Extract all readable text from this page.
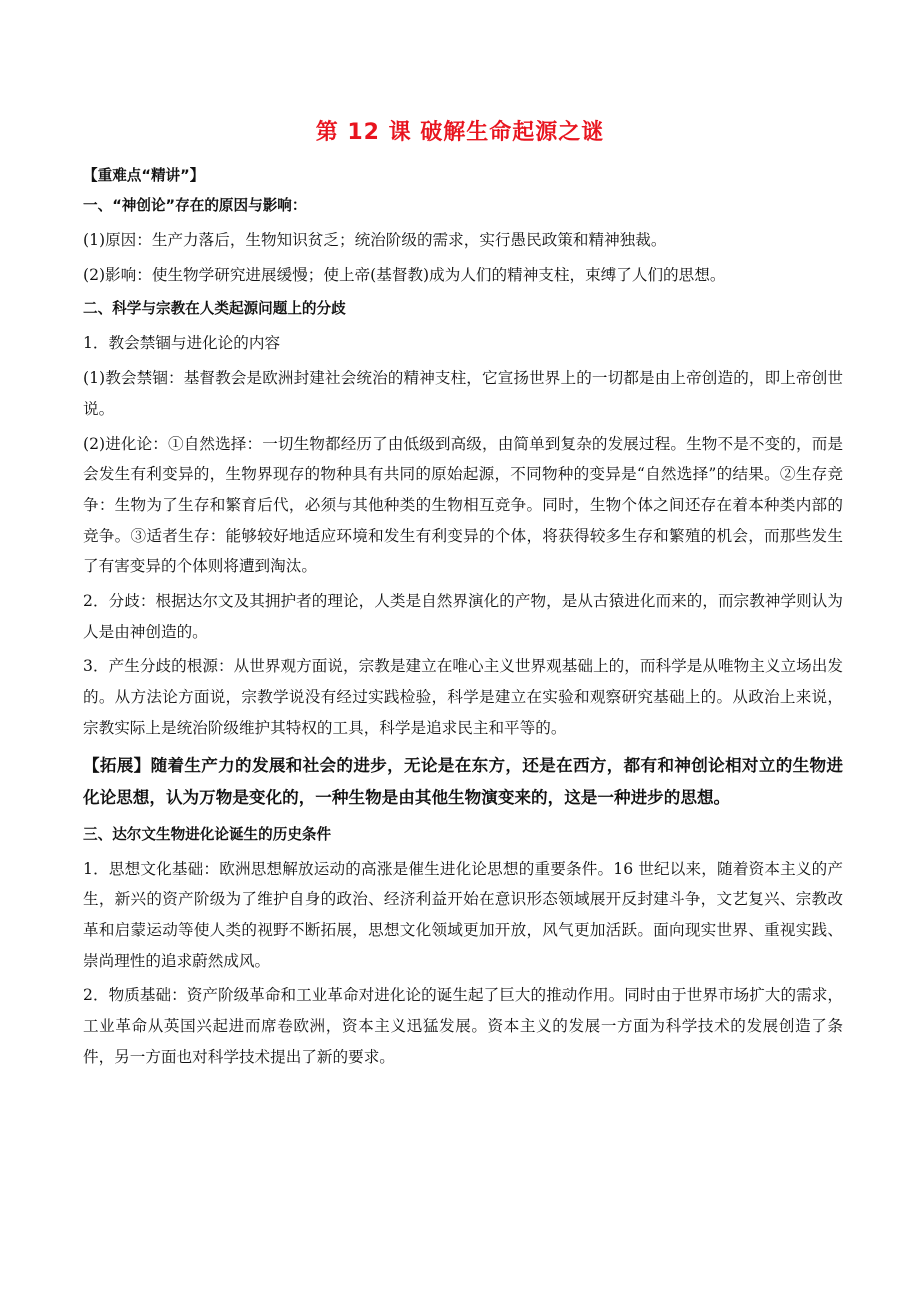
第 12 课 破解生命起源之谜

【重难点“精讲”】

一、“神创论”存在的原因与影响：

(1)原因：生产力落后，生物知识贫乏；统治阶级的需求，实行愚民政策和精神独裁。

(2)影响：使生物学研究进展缓慢；使上帝(基督教)成为人们的精神支柱，束缚了人们的思想。

二、科学与宗教在人类起源问题上的分歧

1．教会禁锢与进化论的内容

(1)教会禁锢：基督教会是欧洲封建社会统治的精神支柱，它宣扬世界上的一切都是由上帝创造的，即上帝创世说。

(2)进化论：①自然选择：一切生物都经历了由低级到高级，由简单到复杂的发展过程。生物不是不变的，而是会发生有利变异的，生物界现存的物种具有共同的原始起源，不同物种的变异是“自然选择”的结果。②生存竞争：生物为了生存和繁育后代，必须与其他种类的生物相互竞争。同时，生物个体之间还存在着本种类内部的竞争。③适者生存：能够较好地适应环境和发生有利变异的个体，将获得较多生存和繁殖的机会，而那些发生了有害变异的个体则将遭到淘汰。

2．分歧：根据达尔文及其拥护者的理论，人类是自然界演化的产物，是从古猿进化而来的，而宗教神学则认为人是由神创造的。

3．产生分歧的根源：从世界观方面说，宗教是建立在唯心主义世界观基础上的，而科学是从唯物主义立场出发的。从方法论方面说，宗教学说没有经过实践检验，科学是建立在实验和观察研究基础上的。从政治上来说，宗教实际上是统治阶级维护其特权的工具，科学是追求民主和平等的。

【拓展】随着生产力的发展和社会的进步，无论是在东方，还是在西方，都有和神创论相对立的生物进化论思想，认为万物是变化的，一种生物是由其他生物演变来的，这是一种进步的思想。

三、达尔文生物进化论诞生的历史条件

1．思想文化基础：欧洲思想解放运动的高涨是催生进化论思想的重要条件。16 世纪以来，随着资本主义的产生，新兴的资产阶级为了维护自身的政治、经济利益开始在意识形态领域展开反封建斗争，文艺复兴、宗教改革和启蒙运动等使人类的视野不断拓展，思想文化领域更加开放，风气更加活跃。面向现实世界、重视实践、崇尚理性的追求蔚然成风。

2．物质基础：资产阶级革命和工业革命对进化论的诞生起了巨大的推动作用。同时由于世界市场扩大的需求，工业革命从英国兴起进而席卷欧洲，资本主义迅猛发展。资本主义的发展一方面为科学技术的发展创造了条件，另一方面也对科学技术提出了新的要求。
